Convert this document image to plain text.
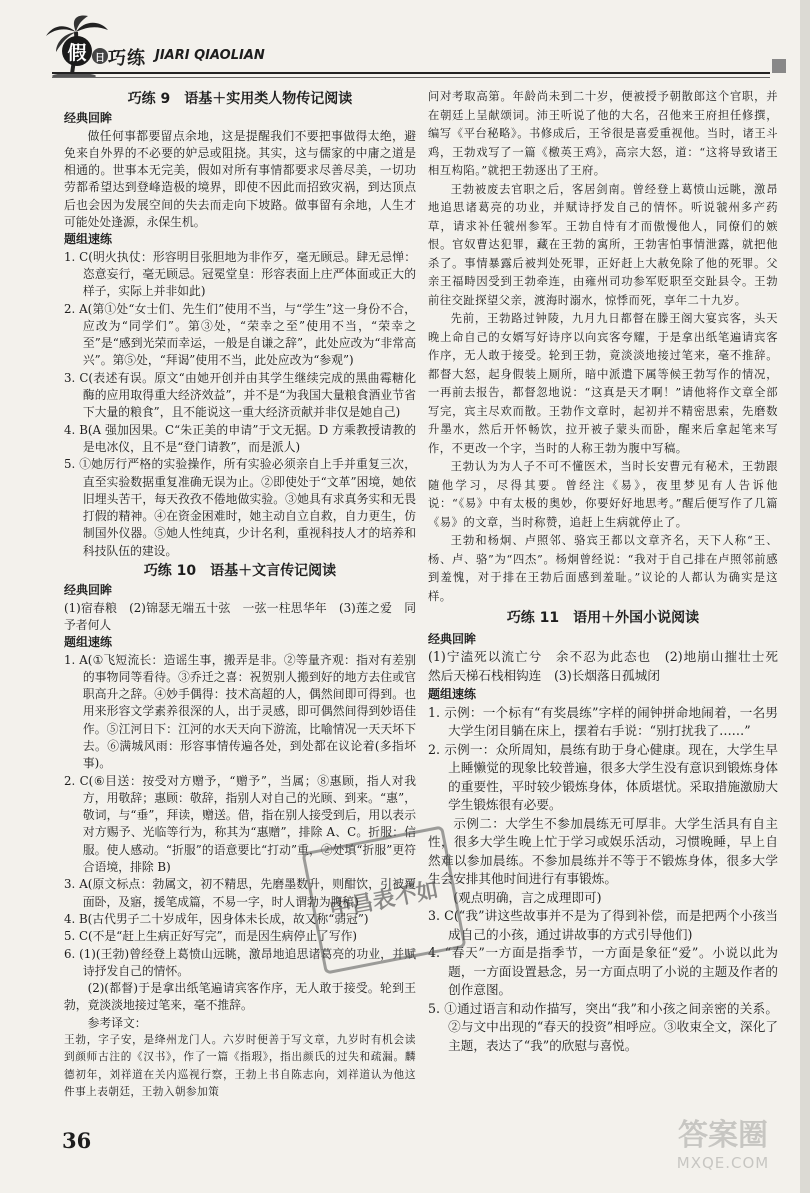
假 日 巧练 JIARI QIAOLIAN
巧练 9　语基＋实用类人物传记阅读
经典回眸
做任何事都要留点余地，这是提醒我们不要把事做得太绝，避免来自外界的不必要的妒忌或阻挠。其实，这与儒家的中庸之道是相通的。世事本无完美，假如对所有事情都要求尽善尽美，一切功劳都希望达到登峰造极的境界，即使不因此而招致灾祸，到达顶点后也会因为发展空间的失去而走向下坡路。做事留有余地，人生才可能处处逢源，永保生机。
题组速练
1. C(明火执仗：形容明目张胆地为非作歹，毫无顾忌。肆无忌惮：恣意妄行，毫无顾忌。冠冕堂皇：形容表面上庄严体面或正大的样子，实际上并非如此)
2. A(第①处“女士们、先生们”使用不当，与“学生”这一身份不合，应改为“同学们”。第③处，“荣幸之至”使用不当，“荣幸之至”是“感到光荣而幸运，一般是自谦之辞”，此处应改为“非常高兴”。第⑤处，“拜谒”使用不当，此处应改为“参观”)
3. C(表述有误。原文“由她开创并由其学生继续完成的黑曲霉糖化酶的应用取得重大经济效益”，并不是“为我国大量粮食酒业节省下大量的粮食”，且不能说这一重大经济贡献并非仅是她自己)
4. B(A 强加因果。C“朱正美的申请”于文无据。D 方乘教授请教的是电冰仪，且不是“登门请教”，而是派人)
5. ①她厉行严格的实验操作，所有实验必须亲自上手并重复三次，直至实验数据重复准确无误为止。②即使处于“文革”困境，她依旧埋头苦干，每天孜孜不倦地做实验。③她具有求真务实和无畏打假的精神。④在资金困难时，她主动自立自救，自力更生，仿制国外仪器。⑤她人性纯真，少计名利，重视科技人才的培养和科技队伍的建设。
巧练 10　语基＋文言传记阅读
经典回眸
(1)宿春粮　(2)锦瑟无端五十弦　一弦一柱思华年　(3)莲之爱　同予者何人
题组速练
1. A(①飞短流长：造谣生事，搬弄是非。②等量齐观：指对有差别的事物同等看待。③乔迁之喜：祝贺别人搬到好的地方去住或官职高升之辞。④妙手偶得：技术高超的人，偶然间即可得到。也用来形容文学素养很深的人，出于灵感，即可偶然间得到妙语佳作。⑤江河日下：江河的水天天向下游流，比喻情况一天天坏下去。⑥满城风雨：形容事情传遍各处，到处都在议论着(多指坏事)。
2. C(⑥目送：按受对方赠予，“赠予”，当属；⑧惠顾，指人对我方，用敬辞；惠顾：敬辞，指别人对自己的光顾、到来。“惠”，敬词，与“垂”，拜读，赠送。借，指在别人接受到后，用以表示对方赐予、光临等行为，称其为“惠赠”，排除 A、C。折服：信服。使人感动。“折服”的语意要比“打动”重，②处填“折服”更符合语境，排除 B)
3. A(原文标点：勃属文，初不精思，先磨墨数升，则酣饮，引被覆面卧，及寤，援笔成篇，不易一字，时人谓勃为腹稿)
4. B(古代男子二十岁成年，因身体未长成，故又称“弱冠”)
5. C(不是“赶上生病正好写完”，而是因生病停止了写作)
6. (1)(王勃)曾经登上葛愤山远眺，激昂地追思诸葛亮的功业，并赋诗抒发自己的情怀。
(2)(都督)于是拿出纸笔遍请宾客作序，无人敢于接受。轮到王勃，竟淡淡地接过笔来，毫不推辞。
参考译文：
王勃，字子安，是绛州龙门人。六岁时便善于写文章，九岁时有机会读到颜师古注的《汉书》，作了一篇《指瑕》，指出颜氏的过失和疏漏。麟德初年，刘祥道在关内巡视行察，王勃上书自陈志向，刘祥道认为他这件事上表朝廷，王勃入朝参加策
问对考取高第。年龄尚未到二十岁，便被授予朝散郎这个官职，并在朝廷上呈献颂词。沛王听说了他的大名，召他来王府担任修撰，编写《平台秘略》。书修成后，王爷很是喜爱重视他。当时，诸王斗鸡，王勃戏写了一篇《檄英王鸡》，高宗大怒，道：“这将导致诸王相互构陷。”就把王勃逐出了王府。
王勃被废去官职之后，客居剑南。曾经登上葛愤山远眺，激昂地追思诸葛亮的功业，并赋诗抒发自己的情怀。听说虢州多产药草，请求补任虢州参军。王勃自恃有才而傲慢他人，同僚们的嫉恨。官奴曹达犯罪，藏在王勃的寓所，王勃害怕事情泄露，就把他杀了。事情暴露后被判处死罪，正好赶上大赦免除了他的死罪。父亲王福畤因受到王勃牵连，由雍州司功参军贬职至交趾县令。王勃前往交趾探望父亲，渡海时溺水，惊悸而死，享年二十九岁。
先前，王勃路过钟陵，九月九日都督在滕王阁大宴宾客，头天晚上命自己的女婿写好诗序以向宾客夸耀，于是拿出纸笔遍请宾客作序，无人敢于接受。轮到王勃，竟淡淡地接过笔来，毫不推辞。都督大怒，起身假装上厕所，暗中派遣下属等候王勃写作的情况，一再前去报告，都督忽地说：“这真是天才啊！”请他将作文章全部写完，宾主尽欢而散。王勃作文章时，起初并不精密思索，先磨数升墨水，然后开怀畅饮，拉开被子蒙头而卧，醒来后拿起笔来写作，不更改一个字，当时的人称王勃为腹中写稿。
王勃认为为人子不可不懂医术，当时长安曹元有秘术，王勃跟随他学习，尽得其要。曾经注《易》，夜里梦见有人告诉他说：“《易》中有太极的奥妙，你要好好地思考。”醒后便写作了几篇《易》的文章，当时称赞，追赶上生病就停止了。
王勃和杨炯、卢照邻、骆宾王都以文章齐名，天下人称“王、杨、卢、骆”为“四杰”。杨炯曾经说：“我对于自己排在卢照邻前感到羞愧，对于排在王勃后面感到羞耻。”议论的人都认为确实是这样。
巧练 11　语用＋外国小说阅读
经典回眸
(1)宁溘死以流亡兮　余不忍为此态也　(2)地崩山摧壮士死　然后天梯石栈相钩连　(3)长烟落日孤城闭
题组速练
1. 示例：一个标有“有奖晨练”字样的闹钟拼命地闹着，一名男大学生闭目躺在床上，摆着右手说：“别打扰我了……”
2. 示例一：众所周知，晨练有助于身心健康。现在，大学生早上睡懒觉的现象比较普遍，很多大学生没有意识到锻炼身体的重要性，平时较少锻炼身体，体质堪忧。采取措施激励大学生锻炼很有必要。
示例二：大学生不参加晨练无可厚非。大学生活具有自主性，很多大学生晚上忙于学习或娱乐活动，习惯晚睡，早上自然难以参加晨练。不参加晨练并不等于不锻炼身体，很多大学生会安排其他时间进行有事锻炼。
(观点明确，言之成理即可)
3. C(“我”讲这些故事并不是为了得到补偿，而是把两个小孩当成自己的小孩，通过讲故事的方式引导他们)
4. “春天”一方面是指季节，一方面是象征“爱”。小说以此为题，一方面设置悬念，另一方面点明了小说的主题及作者的创作意图。
5. ①通过语言和动作描写，突出“我”和小孩之间亲密的关系。②与文中出现的“春天的投资”相呼应。③收束全文，深化了主题，表达了“我”的欣慰与喜悦。
中昌表不如
36	答案圈
MXQE.COM
